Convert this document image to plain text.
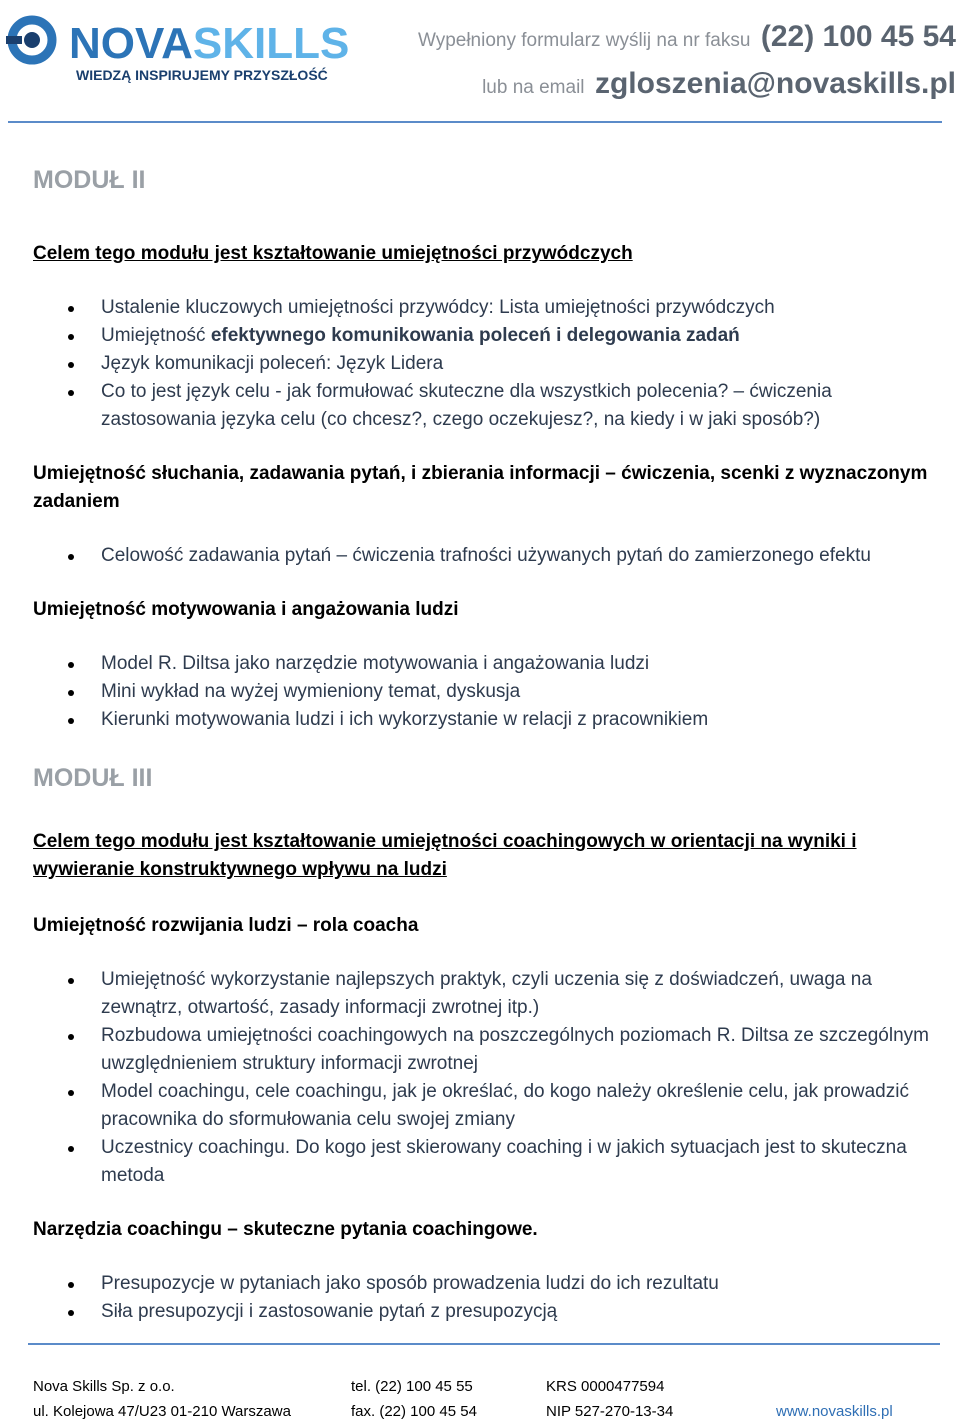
NOVASKILLS
WIEDZĄ INSPIRUJEMY PRZYSZŁOŚĆ
Wypełniony formularz wyślij na nr faksu (22) 100 45 54
lub na email zgloszenia@novaskills.pl
MODUŁ II
Celem tego modułu jest kształtowanie umiejętności przywódczych
Ustalenie kluczowych umiejętności przywódcy: Lista umiejętności przywódczych
Umiejętność efektywnego komunikowania poleceń i delegowania zadań
Język komunikacji poleceń: Język Lidera
Co to jest język celu - jak formułować skuteczne dla wszystkich polecenia? – ćwiczenia zastosowania języka celu (co chcesz?, czego oczekujesz?, na kiedy i w jaki sposób?)
Umiejętność słuchania, zadawania pytań, i zbierania informacji – ćwiczenia, scenki z wyznaczonym zadaniem
Celowość zadawania pytań – ćwiczenia trafności używanych pytań do zamierzonego efektu
Umiejętność motywowania i angażowania ludzi
Model R. Diltsa jako narzędzie motywowania i angażowania ludzi
Mini wykład na wyżej wymieniony temat, dyskusja
Kierunki motywowania ludzi i ich wykorzystanie w relacji z pracownikiem
MODUŁ III
Celem tego modułu jest kształtowanie umiejętności coachingowych w orientacji na wyniki i wywieranie konstruktywnego wpływu na ludzi
Umiejętność rozwijania ludzi – rola coacha
Umiejętność wykorzystanie najlepszych praktyk, czyli uczenia się z doświadczeń, uwaga na zewnątrz, otwartość, zasady informacji zwrotnej itp.)
Rozbudowa umiejętności coachingowych na poszczególnych poziomach R. Diltsa ze szczególnym uwzględnieniem struktury informacji zwrotnej
Model coachingu, cele coachingu, jak je określać, do kogo należy określenie celu, jak prowadzić pracownika do sformułowania celu swojej zmiany
Uczestnicy coachingu. Do kogo jest skierowany coaching i w jakich sytuacjach jest to skuteczna metoda
Narzędzia coachingu – skuteczne pytania coachingowe.
Presupozycje w pytaniach jako sposób prowadzenia ludzi do ich rezultatu
Siła presupozycji i zastosowanie pytań z presupozycją
Nova Skills Sp. z o.o.	tel. (22) 100 45 55	KRS 0000477594
ul. Kolejowa 47/U23 01-210 Warszawa	fax. (22) 100 45 54	NIP 527-270-13-34	www.novaskills.pl
